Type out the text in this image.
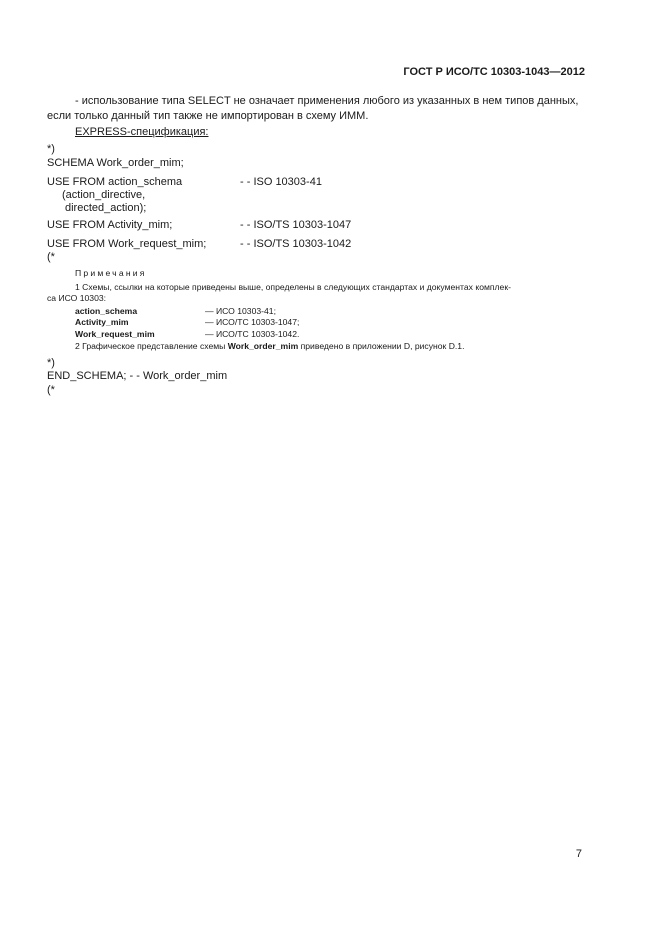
ГОСТ Р ИСО/ТС 10303-1043—2012
- использование типа SELECT не означает применения любого из указанных в нем типов данных,
если только данный тип также не импортирован в схему ИММ.
EXPRESS-спецификация:
*)
SCHEMA Work_order_mim;
USE FROM action_schema	- - ISO 10303-41
(action_directive,
directed_action);
USE FROM Activity_mim;	- - ISO/TS 10303-1047
USE FROM Work_request_mim;	- - ISO/TS 10303-1042
(*
Примечания
1 Схемы, ссылки на которые приведены выше, определены в следующих стандартах и документах комплек-
са ИСО 10303:
action_schema	— ИСО 10303-41;
Activity_mim	— ИСО/ТС 10303-1047;
Work_request_mim	— ИСО/ТС 10303-1042.
2 Графическое представление схемы Work_order_mim приведено в приложении D, рисунок D.1.
*)
END_SCHEMA; - - Work_order_mim
(*
7
